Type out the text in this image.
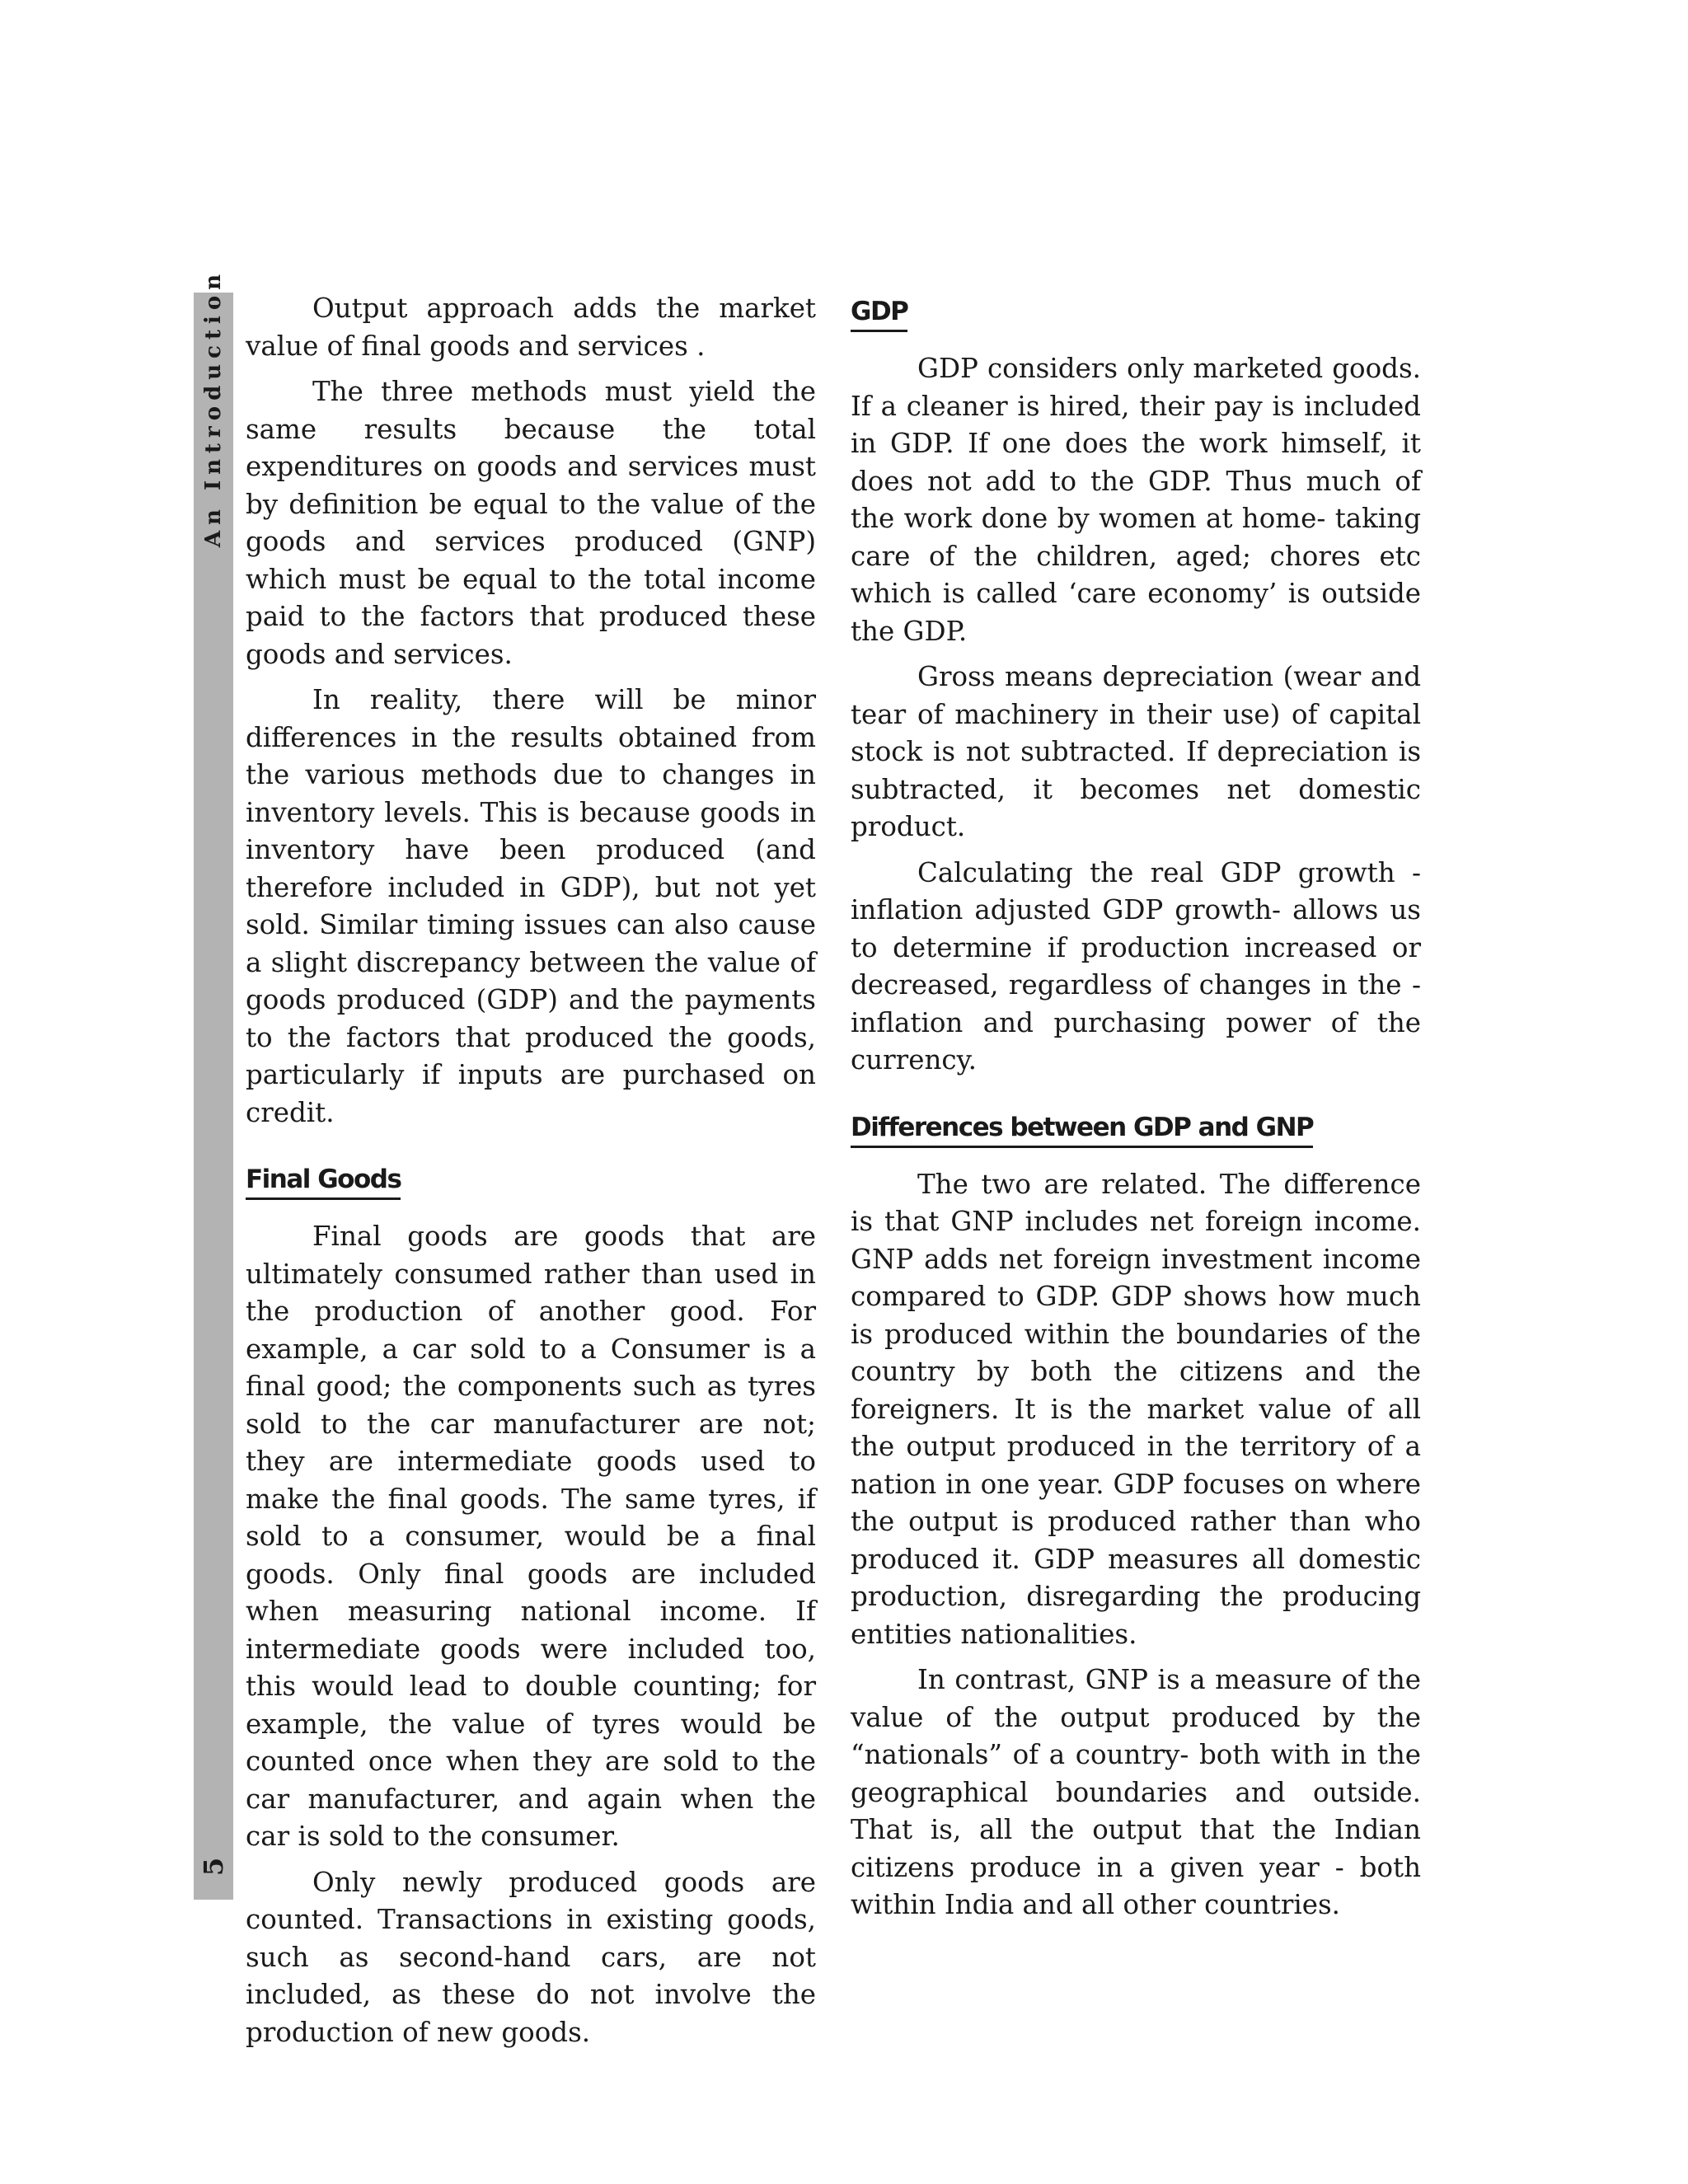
An Introduction
5

Output approach adds the market value of final goods and services .

The three methods must yield the same results because the total expenditures on goods and services must by definition be equal to the value of the goods and services produced (GNP) which must be equal to the total income paid to the factors that produced these goods and services.

In reality, there will be minor differences in the results obtained from the various methods due to changes in inventory levels. This is because goods in inventory have been produced (and therefore included in GDP), but not yet sold. Similar timing issues can also cause a slight discrepancy between the value of goods produced (GDP) and the payments to the factors that produced the goods, particularly if inputs are purchased on credit.

Final Goods

Final goods are goods that are ultimately consumed rather than used in the production of another good. For example, a car sold to a Consumer is a final good; the components such as tyres sold to the car manufacturer are not; they are intermediate goods used to make the final goods. The same tyres, if sold to a consumer, would be a final goods. Only final goods are included when measuring national income. If intermediate goods were included too, this would lead to double counting; for example, the value of tyres would be counted once when they are sold to the car manufacturer, and again when the car is sold to the consumer.

Only newly produced goods are counted. Transactions in existing goods, such as second-hand cars, are not included, as these do not involve the production of new goods.

GDP

GDP considers only marketed goods. If a cleaner is hired, their pay is included in GDP. If one does the work himself, it does not add to the GDP. Thus much of the work done by women at home- taking care of the children, aged; chores etc which is called ‘care economy’ is outside the GDP.

Gross means depreciation (wear and tear of machinery in their use) of capital stock is not subtracted. If depreciation is subtracted, it becomes net domestic product.

Calculating the real GDP growth - inflation adjusted GDP growth- allows us to determine if production increased or decreased, regardless of changes in the - inflation and purchasing power of the currency.

Differences between GDP and GNP

The two are related. The difference is that GNP includes net foreign income. GNP adds net foreign investment income compared to GDP. GDP shows how much is produced within the boundaries of the country by both the citizens and the foreigners. It is the market value of all the output produced in the territory of a nation in one year. GDP focuses on where the output is produced rather than who produced it. GDP measures all domestic production, disregarding the producing entities nationalities.

In contrast, GNP is a measure of the value of the output produced by the “nationals” of a country- both with in the geographical boundaries and outside. That is, all the output that the Indian citizens produce in a given year - both within India and all other countries.
